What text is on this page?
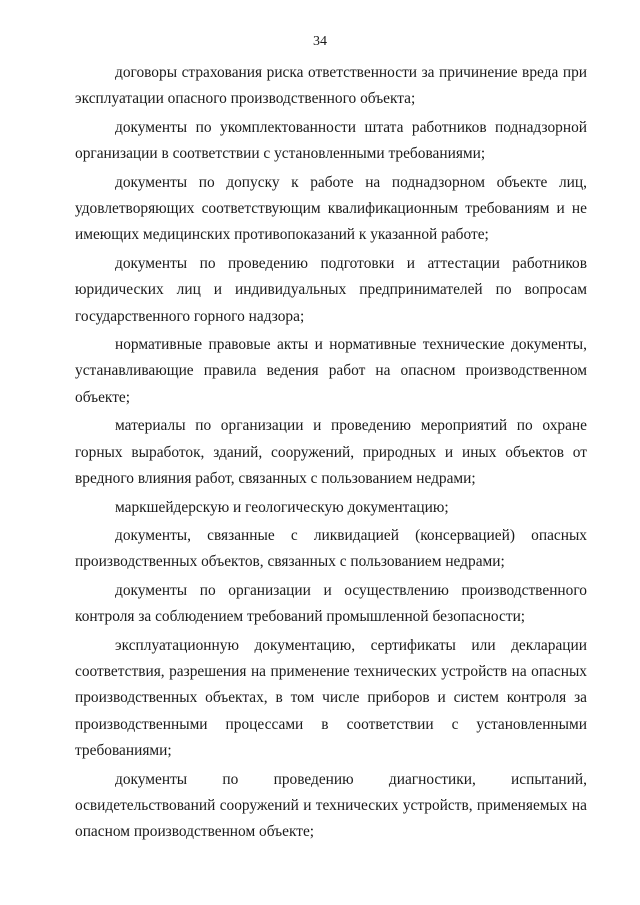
34

договоры страхования риска ответственности за причинение вреда при эксплуатации опасного производственного объекта;

документы по укомплектованности штата работников поднадзорной организации в соответствии с установленными требованиями;

документы по допуску к работе на поднадзорном объекте лиц, удовлетворяющих соответствующим квалификационным требованиям и не имеющих медицинских противопоказаний к указанной работе;

документы по проведению подготовки и аттестации работников юридических лиц и индивидуальных предпринимателей по вопросам государственного горного надзора;

нормативные правовые акты и нормативные технические документы, устанавливающие правила ведения работ на опасном производственном объекте;

материалы по организации и проведению мероприятий по охране горных выработок, зданий, сооружений, природных и иных объектов от вредного влияния работ, связанных с пользованием недрами;

маркшейдерскую и геологическую документацию;

документы, связанные с ликвидацией (консервацией) опасных производственных объектов, связанных с пользованием недрами;

документы по организации и осуществлению производственного контроля за соблюдением требований промышленной безопасности;

эксплуатационную документацию, сертификаты или декларации соответствия, разрешения на применение технических устройств на опасных производственных объектах, в том числе приборов и систем контроля за производственными процессами в соответствии с установленными требованиями;

документы по проведению диагностики, испытаний, освидетельствований сооружений и технических устройств, применяемых на опасном производственном объекте;
